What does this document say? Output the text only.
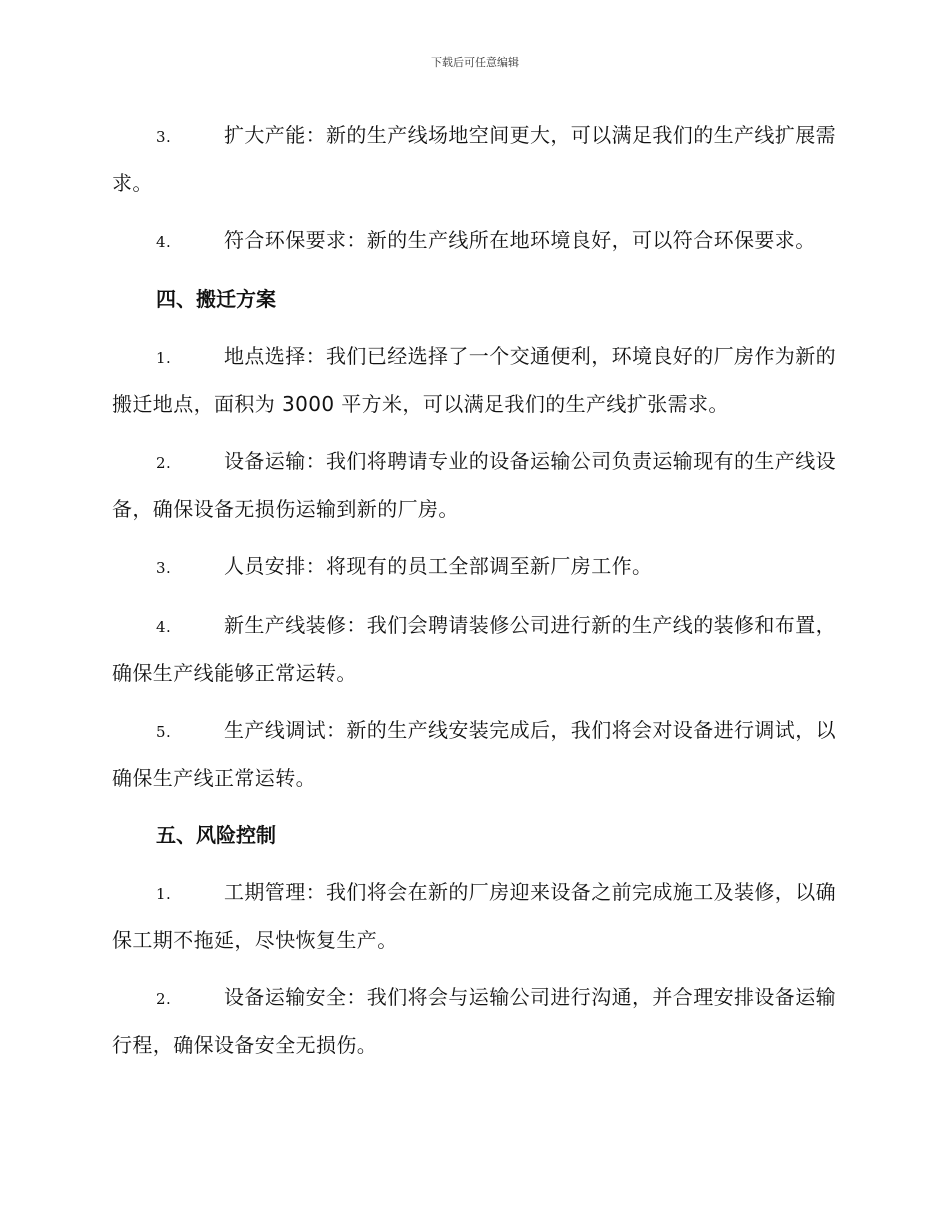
下载后可任意编辑

3.	扩大产能：新的生产线场地空间更大，可以满足我们的生产线扩展需求。

4.	符合环保要求：新的生产线所在地环境良好，可以符合环保要求。

四、搬迁方案

1.	地点选择：我们已经选择了一个交通便利，环境良好的厂房作为新的搬迁地点，面积为 3000 平方米，可以满足我们的生产线扩张需求。

2.	设备运输：我们将聘请专业的设备运输公司负责运输现有的生产线设备，确保设备无损伤运输到新的厂房。

3.	人员安排：将现有的员工全部调至新厂房工作。

4.	新生产线装修：我们会聘请装修公司进行新的生产线的装修和布置，确保生产线能够正常运转。

5.	生产线调试：新的生产线安装完成后，我们将会对设备进行调试，以确保生产线正常运转。

五、风险控制

1.	工期管理：我们将会在新的厂房迎来设备之前完成施工及装修，以确保工期不拖延，尽快恢复生产。

2.	设备运输安全：我们将会与运输公司进行沟通，并合理安排设备运输行程，确保设备安全无损伤。
